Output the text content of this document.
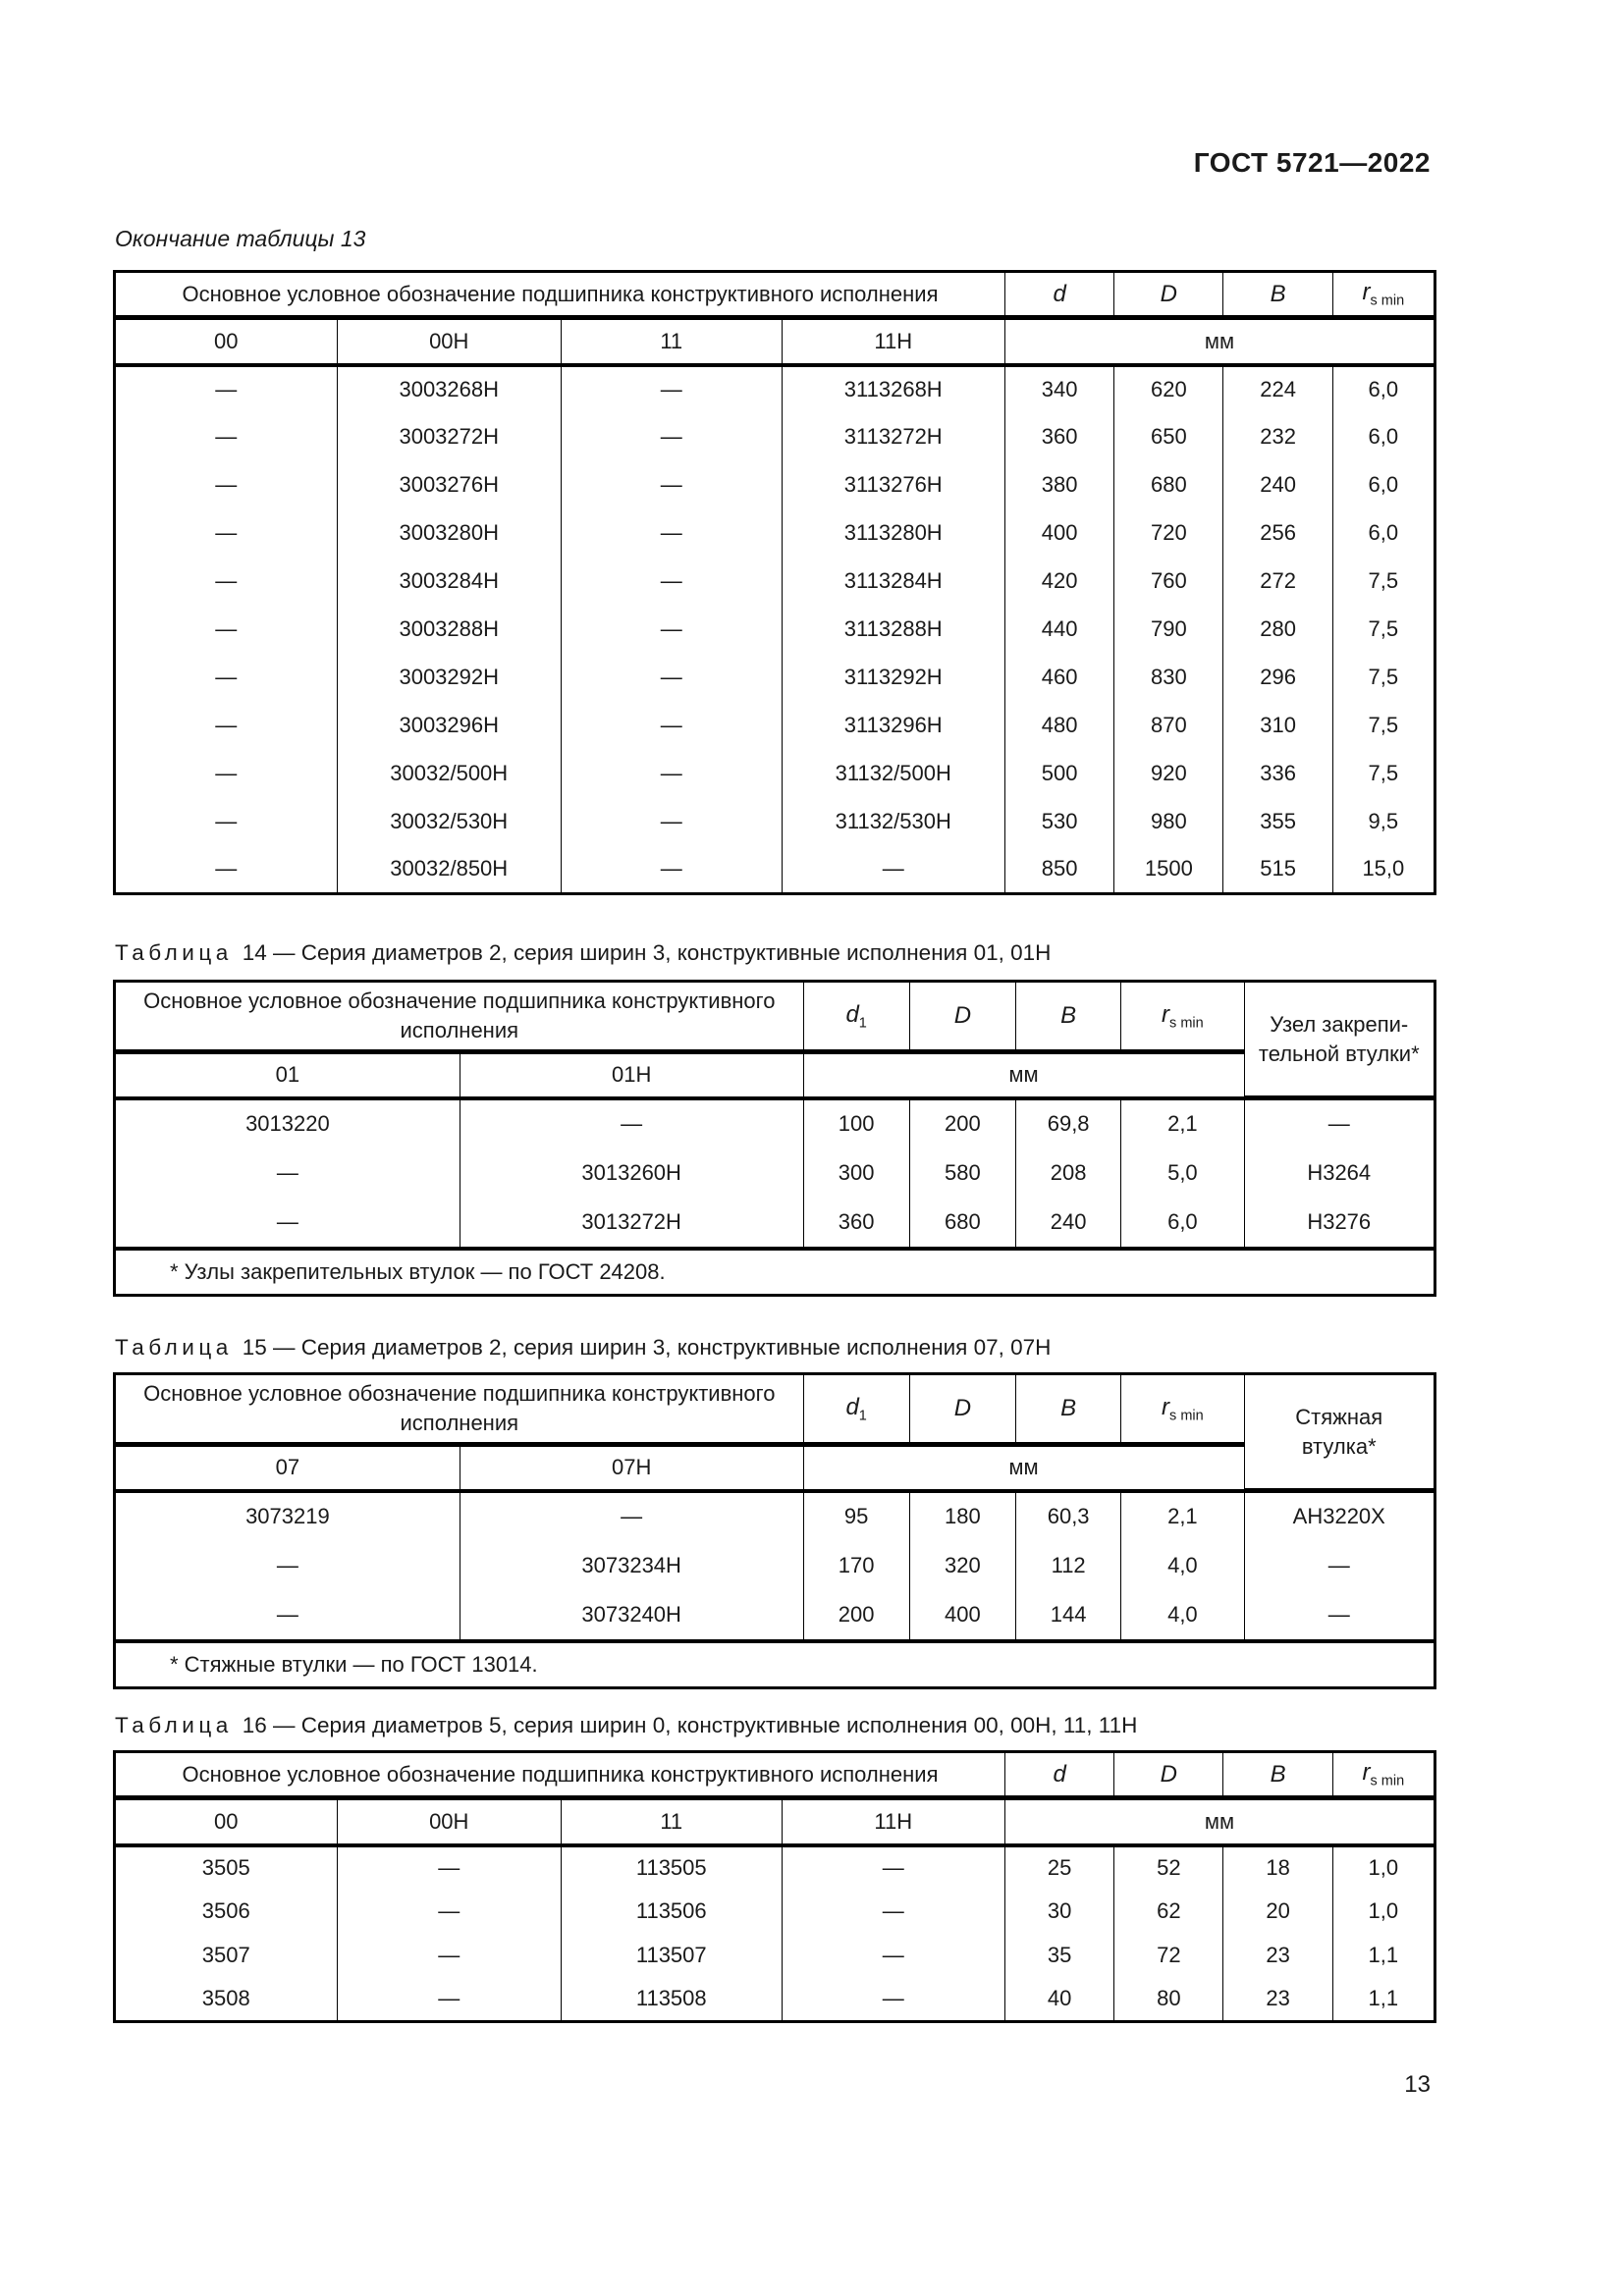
ГОСТ 5721—2022
Окончание таблицы 13
Основное условное обозначение подшипника конструктивного исполнения				d	D	B	$r_{s min}$
00	00Н	11	11Н	мм			
—	3003268Н	—	3113268Н	340	620	224	6,0
—	3003272Н	—	3113272Н	360	650	232	6,0
—	3003276Н	—	3113276Н	380	680	240	6,0
—	3003280Н	—	3113280Н	400	720	256	6,0
—	3003284Н	—	3113284Н	420	760	272	7,5
—	3003288Н	—	3113288Н	440	790	280	7,5
—	3003292Н	—	3113292Н	460	830	296	7,5
—	3003296Н	—	3113296Н	480	870	310	7,5
—	30032/500Н	—	31132/500Н	500	920	336	7,5
—	30032/530Н	—	31132/530Н	530	980	355	9,5
—	30032/850Н	—	—	850	1500	515	15,0
Таблица 14 — Серия диаметров 2, серия ширин 3, конструктивные исполнения 01, 01Н
Основное условное обозначение подшипника конструктивного исполнения		$d_1$	D	B	$r_{s min}$	Узел закрепи-тельной втулки*
01	01Н	мм				
3013220	—	100	200	69,8	2,1	—
—	3013260Н	300	580	208	5,0	Н3264
—	3013272Н	360	680	240	6,0	Н3276
* Узлы закрепительных втулок — по ГОСТ 24208.						
Таблица 15 — Серия диаметров 2, серия ширин 3, конструктивные исполнения 07, 07Н
Основное условное обозначение подшипника конструктивного исполнения		$d_1$	D	B	$r_{s min}$	Стяжная втулка*
07	07Н	мм				
3073219	—	95	180	60,3	2,1	АН3220Х
—	3073234Н	170	320	112	4,0	—
—	3073240Н	200	400	144	4,0	—
* Стяжные втулки — по ГОСТ 13014.						
Таблица 16 — Серия диаметров 5, серия ширин 0, конструктивные исполнения 00, 00Н, 11, 11Н
Основное условное обозначение подшипника конструктивного исполнения				d	D	B	$r_{s min}$
00	00Н	11	11Н	мм			
3505	—	113505	—	25	52	18	1,0
3506	—	113506	—	30	62	20	1,0
3507	—	113507	—	35	72	23	1,1
3508	—	113508	—	40	80	23	1,1
13
